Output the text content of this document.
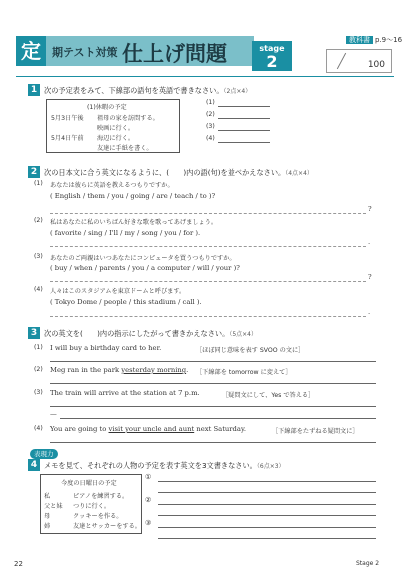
定	期テスト対策 仕上げ問題	stage
2
教科書 p.9～16
100
1 次の予定表をみて、下線部の語句を英語で書きなさい。（2点×4）
(1)休暇の予定
5月3日午後 祖母の家を訪問する。
映画に行く。
5月4日午前 海辺に行く。
友達に手紙を書く。
(1)
(2)
(3)
(4)
2 次の日本文に合う英文になるように、(　　)内の語(句)を並べかえなさい。（4点×4）
(1) あなたは彼らに英語を教えるつもりですか。
( English / them / you / going / are / teach / to )?
?
(2) 私はあなたに私のいちばん好きな歌を歌ってあげましょう。
( favorite / sing / I'll / my / song / you / for ).
.
(3) あなたのご両親はいつあなたにコンピュータを買うつもりですか。
( buy / when / parents / you / a computer / will / your )?
?
(4) 人々はこのスタジアムを東京ドームと呼びます。
( Tokyo Dome / people / this stadium / call ).
.
3 次の英文を(　　)内の指示にしたがって書きかえなさい。（5点×4）
(1) I will buy a birthday card to her.	［ほぼ同じ意味を表す SVOO の文に］
(2) Meg ran in the park yesterday morning. ［下線部を tomorrow に変えて］
(3) The train will arrive at the station at 7 p.m.	［疑問文にして、Yes で答える］
—
(4) You are going to visit your uncle and aunt next Saturday.	［下線部をたずねる疑問文に］
表現力
4 メモを見て、それぞれの人物の予定を表す英文を3文書きなさい。（6点×3）
今度の日曜日の予定
私	ピアノを練習する。
父と妹 つりに行く。
母	クッキーを作る。
姉	友達とサッカーをする。
①
②
③
22	Stage 2
